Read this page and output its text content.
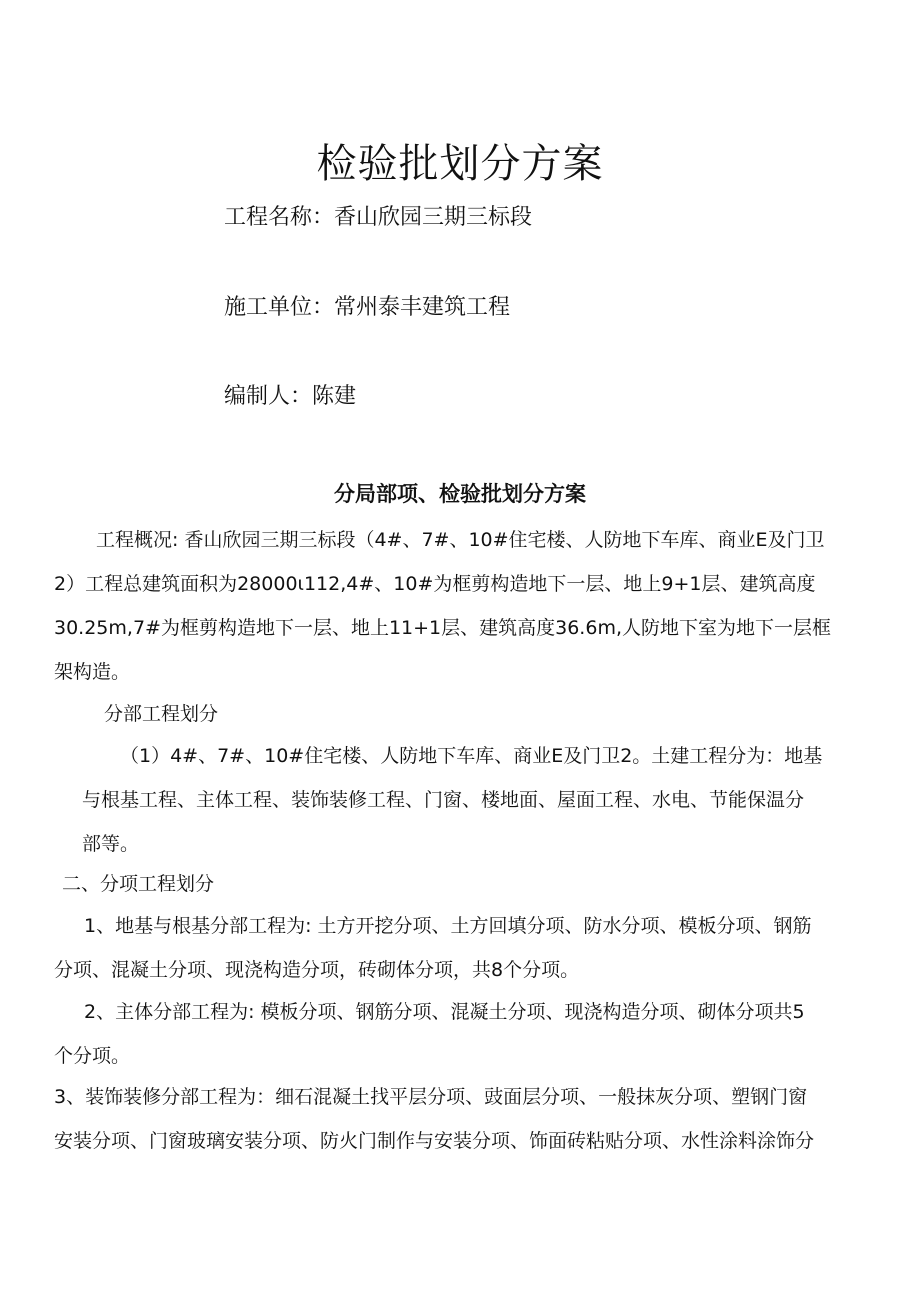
检验批划分方案

工程名称：香山欣园三期三标段

施工单位：常州泰丰建筑工程

编制人：陈建

分局部项、检验批划分方案

工程概况: 香山欣园三期三标段（4#、7#、10#住宅楼、人防地下车库、商业E及门卫
2）工程总建筑面积为28000ι112,4#、10#为框剪构造地下一层、地上9+1层、建筑高度
30.25m,7#为框剪构造地下一层、地上11+1层、建筑高度36.6m,人防地下室为地下一层框
架构造。

分部工程划分

（1）4#、7#、10#住宅楼、人防地下车库、商业E及门卫2。土建工程分为：地基
与根基工程、主体工程、装饰装修工程、门窗、楼地面、屋面工程、水电、节能保温分
部等。

二、分项工程划分

1、地基与根基分部工程为: 土方开挖分项、土方回填分项、防水分项、模板分项、钢筋
分项、混凝土分项、现浇构造分项，砖砌体分项，共8个分项。

2、主体分部工程为: 模板分项、钢筋分项、混凝土分项、现浇构造分项、砌体分项共5
个分项。

3、装饰装修分部工程为：细石混凝土找平层分项、豉面层分项、一般抹灰分项、塑钢门窗
安装分项、门窗玻璃安装分项、防火门制作与安装分项、饰面砖粘贴分项、水性涂料涂饰分
